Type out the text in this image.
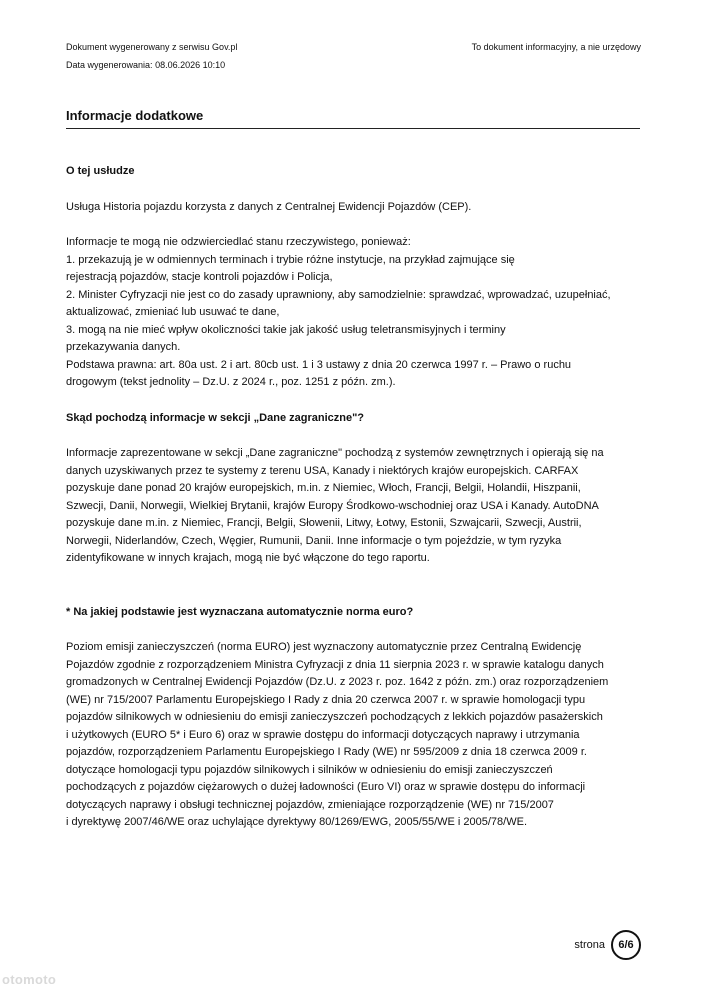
Dokument wygenerowany z serwisu Gov.pl
Data wygenerowania: 08.06.2026 10:10
To dokument informacyjny, a nie urzędowy
Informacje dodatkowe

O tej usłudze

Usługa Historia pojazdu korzysta z danych z Centralnej Ewidencji Pojazdów (CEP).

Informacje te mogą nie odzwierciedlać stanu rzeczywistego, ponieważ:

1. przekazują je w odmiennych terminach i trybie różne instytucje, na przykład zajmujące się

rejestracją pojazdów, stacje kontroli pojazdów i Policja,

2. Minister Cyfryzacji nie jest co do zasady uprawniony, aby samodzielnie: sprawdzać, wprowadzać, uzupełniać,

aktualizować, zmieniać lub usuwać te dane,

3. mogą na nie mieć wpływ okoliczności takie jak jakość usług teletransmisyjnych i terminy

przekazywania danych.

Podstawa prawna: art. 80a ust. 2 i art. 80cb ust. 1 i 3 ustawy z dnia 20 czerwca 1997 r. – Prawo o ruchu

drogowym (tekst jednolity – Dz.U. z 2024 r., poz. 1251 z późn. zm.).

Skąd pochodzą informacje w sekcji „Dane zagraniczne"?

Informacje zaprezentowane w sekcji „Dane zagraniczne" pochodzą z systemów zewnętrznych i opierają się na

danych uzyskiwanych przez te systemy z terenu USA, Kanady i niektórych krajów europejskich. CARFAX

pozyskuje dane ponad 20 krajów europejskich, m.in. z Niemiec, Włoch, Francji, Belgii, Holandii, Hiszpanii,

Szwecji, Danii, Norwegii, Wielkiej Brytanii, krajów Europy Środkowo-wschodniej oraz USA i Kanady. AutoDNA

pozyskuje dane m.in. z Niemiec, Francji, Belgii, Słowenii, Litwy, Łotwy, Estonii, Szwajcarii, Szwecji, Austrii,

Norwegii, Niderlandów, Czech, Węgier, Rumunii, Danii. Inne informacje o tym pojeździe, w tym ryzyka

zidentyfikowane w innych krajach, mogą nie być włączone do tego raportu.

* Na jakiej podstawie jest wyznaczana automatycznie norma euro?

Poziom emisji zanieczyszczeń (norma EURO) jest wyznaczony automatycznie przez Centralną Ewidencję

Pojazdów zgodnie z rozporządzeniem Ministra Cyfryzacji z dnia 11 sierpnia 2023 r. w sprawie katalogu danych

gromadzonych w Centralnej Ewidencji Pojazdów (Dz.U. z 2023 r. poz. 1642 z późn. zm.) oraz rozporządzeniem

(WE) nr 715/2007 Parlamentu Europejskiego I Rady z dnia 20 czerwca 2007 r. w sprawie homologacji typu

pojazdów silnikowych w odniesieniu do emisji zanieczyszczeń pochodzących z lekkich pojazdów pasażerskich

i użytkowych (EURO 5* i Euro 6) oraz w sprawie dostępu do informacji dotyczących naprawy i utrzymania

pojazdów, rozporządzeniem Parlamentu Europejskiego I Rady (WE) nr 595/2009 z dnia 18 czerwca 2009 r.

dotyczące homologacji typu pojazdów silnikowych i silników w odniesieniu do emisji zanieczyszczeń

pochodzących z pojazdów ciężarowych o dużej ładowności (Euro VI) oraz w sprawie dostępu do informacji

dotyczących naprawy i obsługi technicznej pojazdów, zmieniające rozporządzenie (WE) nr 715/2007

i dyrektywę 2007/46/WE oraz uchylające dyrektywy 80/1269/EWG, 2005/55/WE i 2005/78/WE.

strona 6/6
otomoto
